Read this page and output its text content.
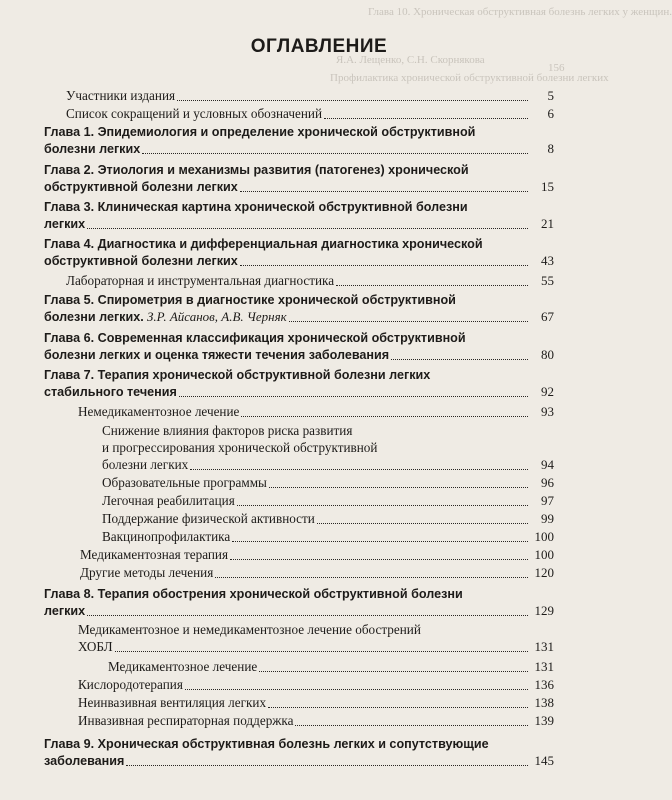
Глава 10. Хроническая обструктивная болезнь легких у женщин.
Я.А. Лещенко, С.Н. Скорнякова
Профилактика хронической обструктивной болезни легких
156
ОГЛАВЛЕНИЕ
Участники издания	5
Список сокращений и условных обозначений	6
Глава 1. Эпидемиология и определение хронической обструктивной
болезни легких	8
Глава 2. Этиология и механизмы развития (патогенез) хронической
обструктивной болезни легких	15
Глава 3. Клиническая картина хронической обструктивной болезни
легких	21
Глава 4. Диагностика и дифференциальная диагностика хронической
обструктивной болезни легких	43
Лабораторная и инструментальная диагностика	55
Глава 5. Спирометрия в диагностике хронической обструктивной
болезни легких. З.Р. Айсанов, А.В. Черняк	67
Глава 6. Современная классификация хронической обструктивной
болезни легких и оценка тяжести течения заболевания	80
Глава 7. Терапия хронической обструктивной болезни легких
стабильного течения	92
Немедикаментозное лечение	93
Снижение влияния факторов риска развития
и прогрессирования хронической обструктивной
болезни легких	94
Образовательные программы	96
Легочная реабилитация	97
Поддержание физической активности	99
Вакцинопрофилактика	100
Медикаментозная терапия	100
Другие методы лечения	120
Глава 8. Терапия обострения хронической обструктивной болезни
легких	129
Медикаментозное и немедикаментозное лечение обострений
ХОБЛ	131
Медикаментозное лечение	131
Кислородотерапия	136
Неинвазивная вентиляция легких	138
Инвазивная респираторная поддержка	139
Глава 9. Хроническая обструктивная болезнь легких и сопутствующие
заболевания	145
